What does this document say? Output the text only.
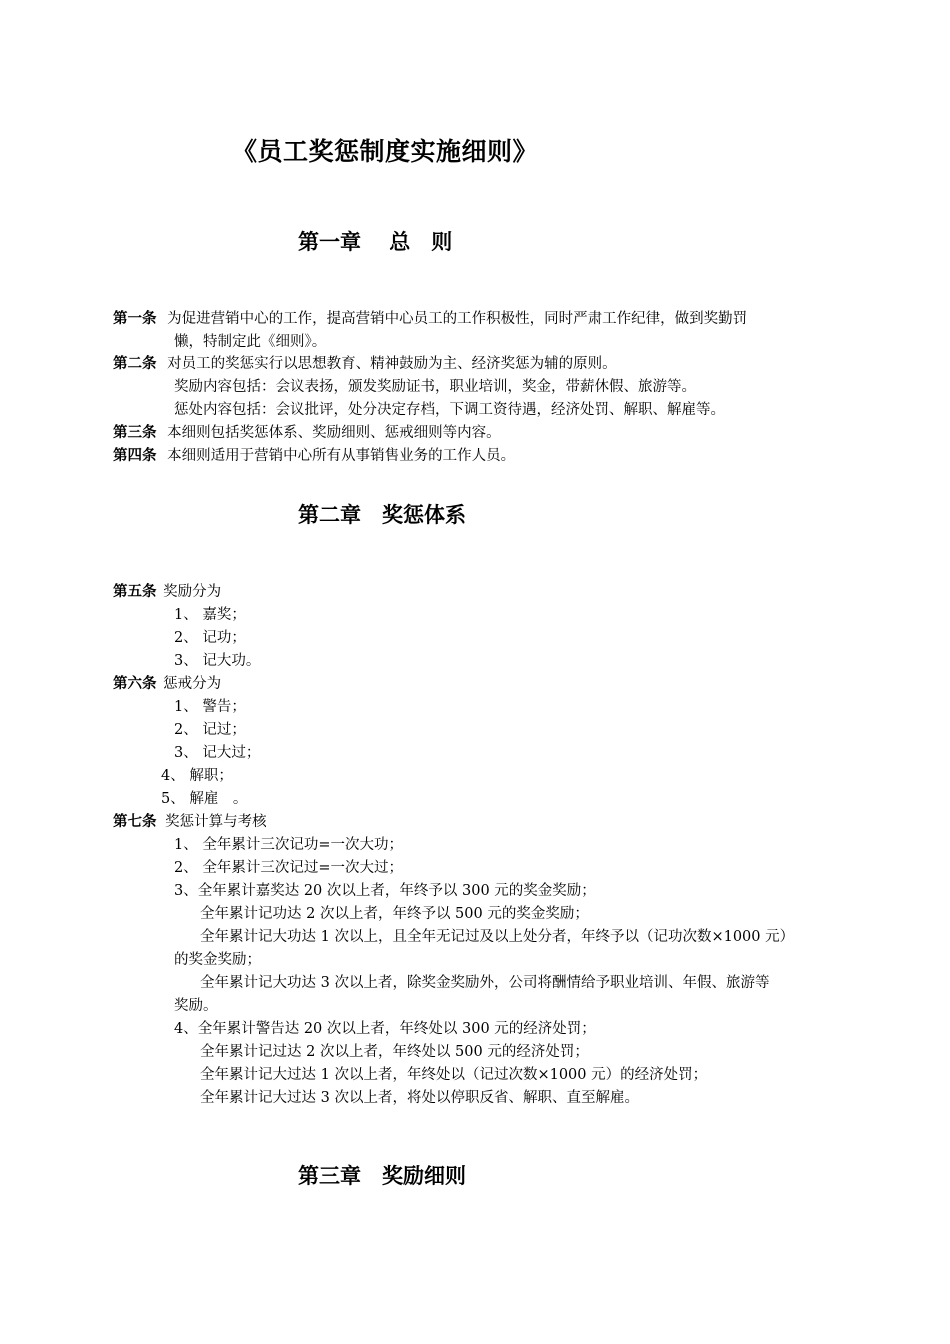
《员工奖惩制度实施细则》
第一章　 总　则
第一条 为促进营销中心的工作，提高营销中心员工的工作积极性，同时严肃工作纪律，做到奖勤罚
懒，特制定此《细则》。
第二条 对员工的奖惩实行以思想教育、精神鼓励为主、经济奖惩为辅的原则。
奖励内容包括：会议表扬，颁发奖励证书，职业培训，奖金，带薪休假、旅游等。
惩处内容包括：会议批评，处分决定存档，下调工资待遇，经济处罚、解职、解雇等。
第三条 本细则包括奖惩体系、奖励细则、惩戒细则等内容。
第四条 本细则适用于营销中心所有从事销售业务的工作人员。
第二章　奖惩体系
第五条 奖励分为
1、 嘉奖；
2、 记功；
3、 记大功。
第六条 惩戒分为
1、 警告；
2、 记过；
3、 记大过；
4、 解职；
5、 解雇　。
第七条 奖惩计算与考核
1、 全年累计三次记功=一次大功；
2、 全年累计三次记过=一次大过；
3、全年累计嘉奖达 20 次以上者，年终予以 300 元的奖金奖励；
全年累计记功达 2 次以上者，年终予以 500 元的奖金奖励；
全年累计记大功达 1 次以上，且全年无记过及以上处分者，年终予以（记功次数×1000 元）
的奖金奖励；
全年累计记大功达 3 次以上者，除奖金奖励外，公司将酬情给予职业培训、年假、旅游等
奖励。
4、全年累计警告达 20 次以上者，年终处以 300 元的经济处罚；
全年累计记过达 2 次以上者，年终处以 500 元的经济处罚；
全年累计记大过达 1 次以上者，年终处以（记过次数×1000 元）的经济处罚；
全年累计记大过达 3 次以上者，将处以停职反省、解职、直至解雇。
第三章　奖励细则
